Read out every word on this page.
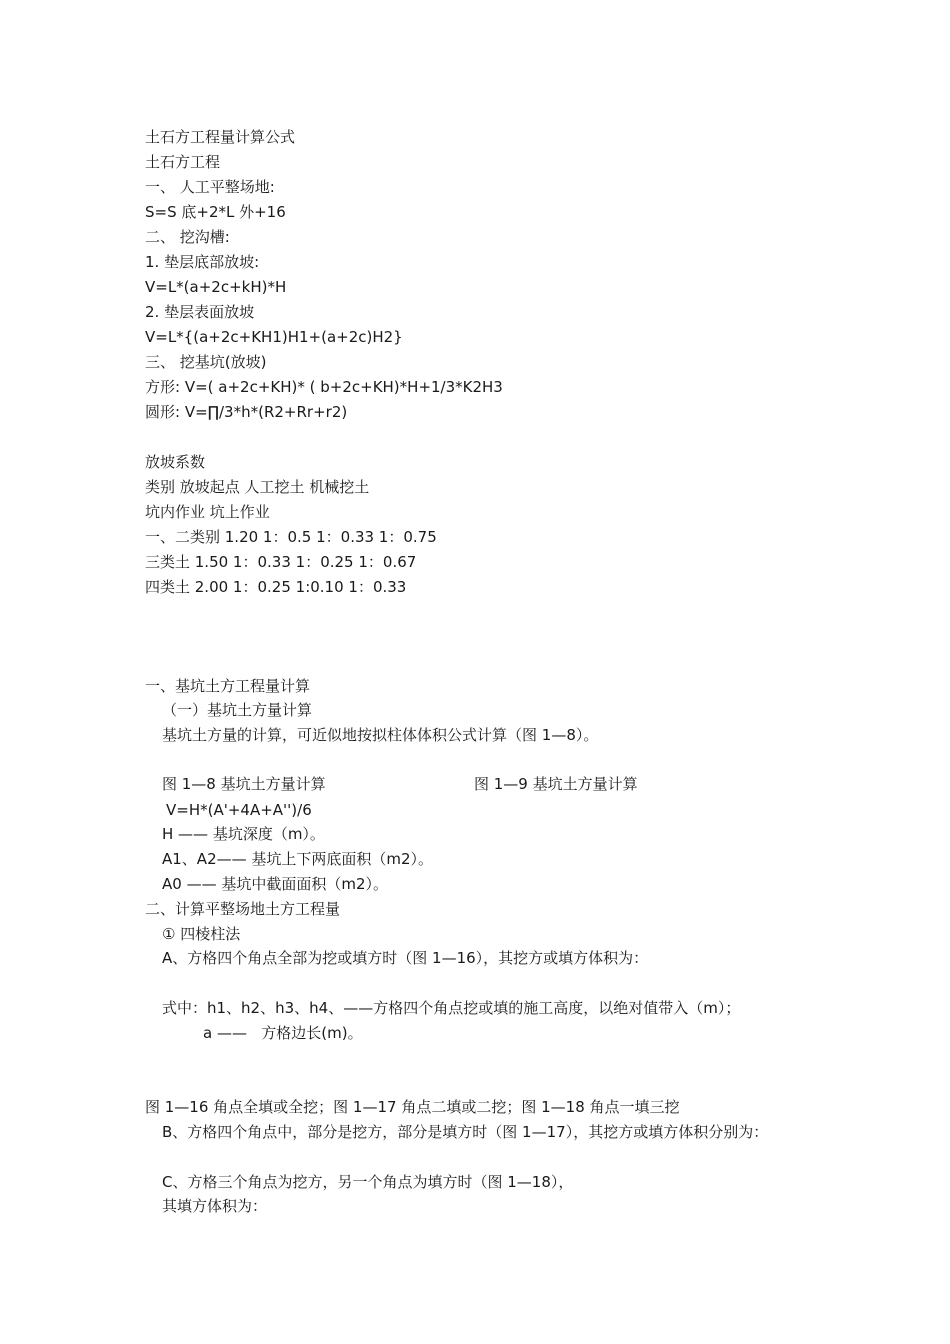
土石方工程量计算公式
土石方工程
一、 人工平整场地:
S=S 底+2*L 外+16
二、 挖沟槽:
1. 垫层底部放坡:
V=L*(a+2c+kH)*H
2. 垫层表面放坡
V=L*{(a+2c+KH1)H1+(a+2c)H2}
三、 挖基坑(放坡)
方形: V=( a+2c+KH)* ( b+2c+KH)*H+1/3*K2H3
圆形: V=∏/3*h*(R2+Rr+r2)
放坡系数
类别 放坡起点 人工挖土 机械挖土
坑内作业 坑上作业
一、二类别 1.20 1：0.5 1：0.33 1：0.75
三类土 1.50 1：0.33 1：0.25 1：0.67
四类土 2.00 1：0.25 1:0.10 1：0.33
一、基坑土方工程量计算
（一）基坑土方量计算
基坑土方量的计算，可近似地按拟柱体体积公式计算（图 1—8）。
图 1—8 基坑土方量计算	图 1—9 基坑土方量计算
V=H*(A'+4A+A'')/6
H —— 基坑深度（m）。
A1、A2—— 基坑上下两底面积（m2）。
A0 —— 基坑中截面面积（m2）。
二、计算平整场地土方工程量
① 四棱柱法
A、方格四个角点全部为挖或填方时（图 1—16），其挖方或填方体积为：
式中：h1、h2、h3、h4、——方格四个角点挖或填的施工高度，以绝对值带入（m）；
a ——   方格边长(m)。
图 1—16 角点全填或全挖；图 1—17 角点二填或二挖；图 1—18 角点一填三挖
B、方格四个角点中，部分是挖方，部分是填方时（图 1—17），其挖方或填方体积分别为：
C、方格三个角点为挖方，另一个角点为填方时（图 1—18），
其填方体积为：
